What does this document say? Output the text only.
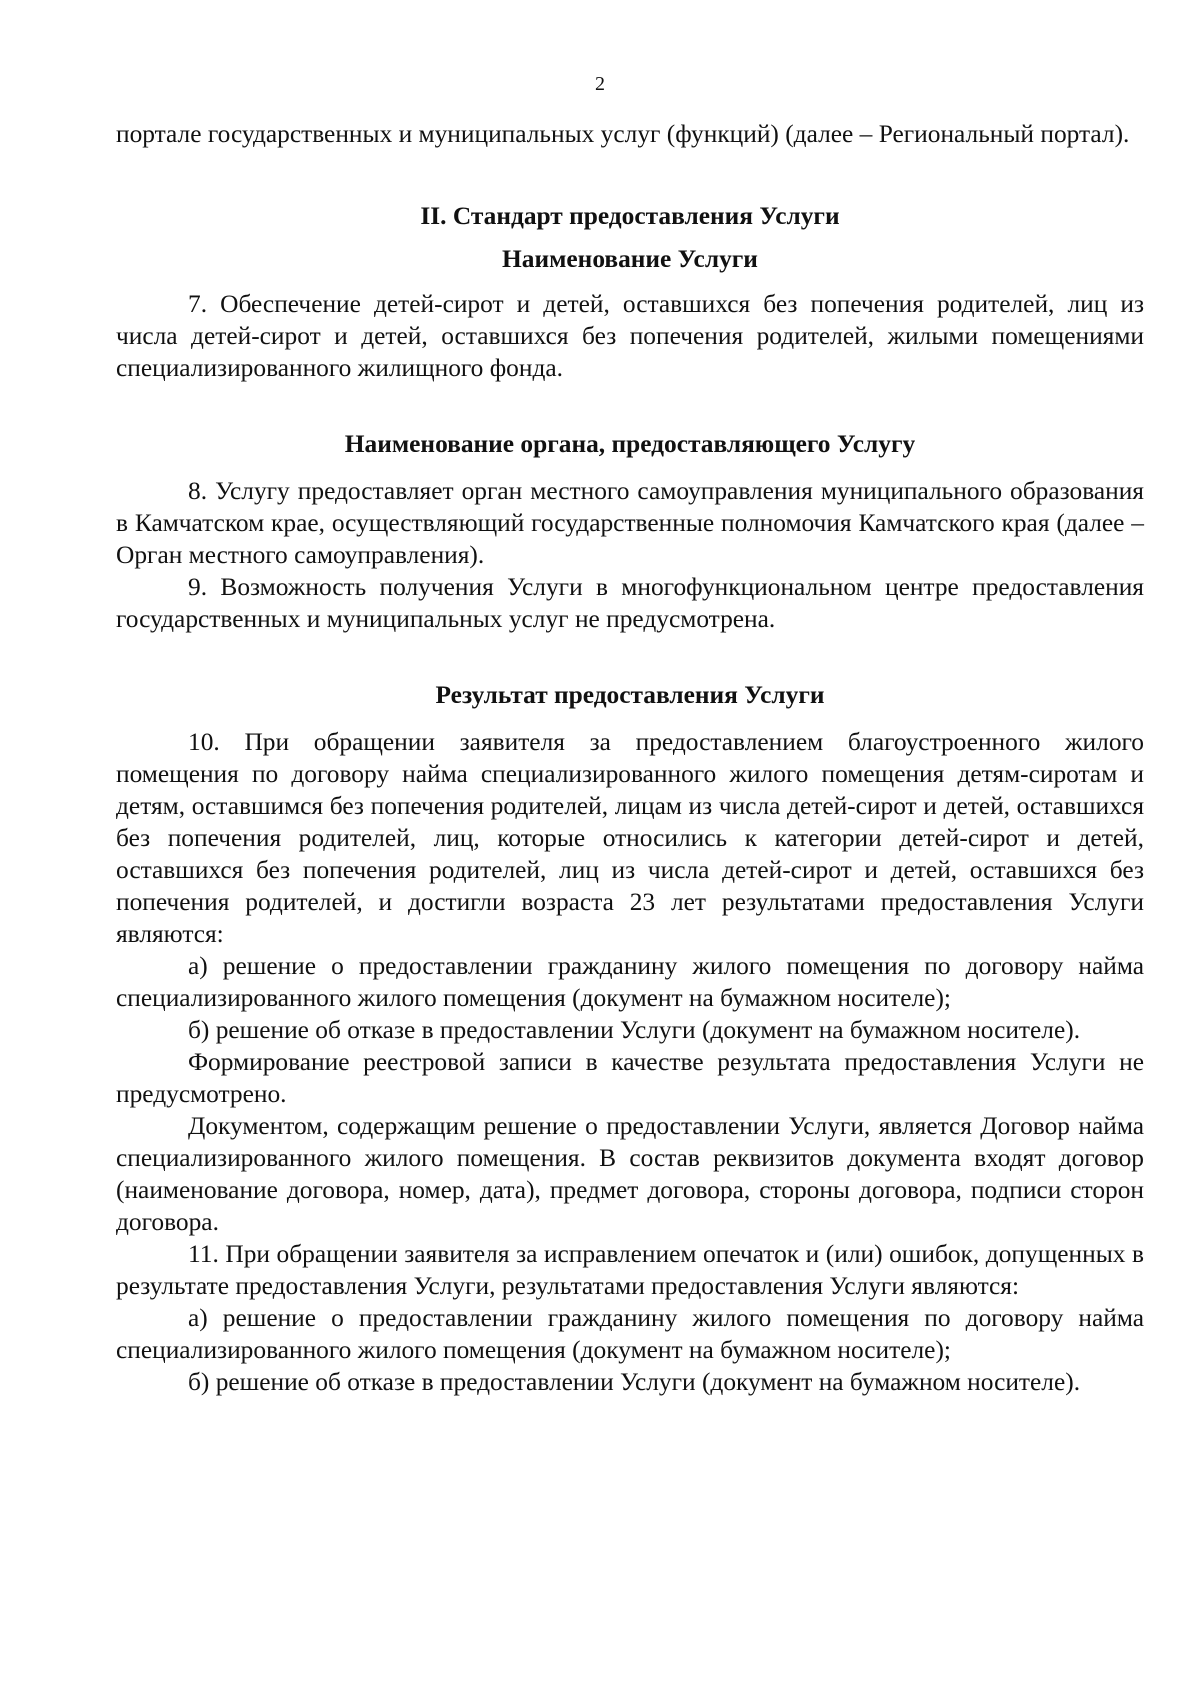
2

портале государственных и муниципальных услуг (функций) (далее – Региональный портал).

II. Стандарт предоставления Услуги
Наименование Услуги

7. Обеспечение детей-сирот и детей, оставшихся без попечения родителей, лиц из числа детей-сирот и детей, оставшихся без попечения родителей, жилыми помещениями специализированного жилищного фонда.

Наименование органа, предоставляющего Услугу

8. Услугу предоставляет орган местного самоуправления муниципального образования в Камчатском крае, осуществляющий государственные полномочия Камчатского края (далее – Орган местного самоуправления).

9. Возможность получения Услуги в многофункциональном центре предоставления государственных и муниципальных услуг не предусмотрена.

Результат предоставления Услуги

10. При обращении заявителя за предоставлением благоустроенного жилого помещения по договору найма специализированного жилого помещения детям-сиротам и детям, оставшимся без попечения родителей, лицам из числа детей-сирот и детей, оставшихся без попечения родителей, лиц, которые относились к категории детей-сирот и детей, оставшихся без попечения родителей, лиц из числа детей-сирот и детей, оставшихся без попечения родителей, и достигли возраста 23 лет результатами предоставления Услуги являются:

а) решение о предоставлении гражданину жилого помещения по договору найма специализированного жилого помещения (документ на бумажном носителе);

б) решение об отказе в предоставлении Услуги (документ на бумажном носителе).

Формирование реестровой записи в качестве результата предоставления Услуги не предусмотрено.

Документом, содержащим решение о предоставлении Услуги, является Договор найма специализированного жилого помещения. В состав реквизитов документа входят договор (наименование договора, номер, дата), предмет договора, стороны договора, подписи сторон договора.

11. При обращении заявителя за исправлением опечаток и (или) ошибок, допущенных в результате предоставления Услуги, результатами предоставления Услуги являются:

а) решение о предоставлении гражданину жилого помещения по договору найма специализированного жилого помещения (документ на бумажном носителе);

б) решение об отказе в предоставлении Услуги (документ на бумажном носителе).
